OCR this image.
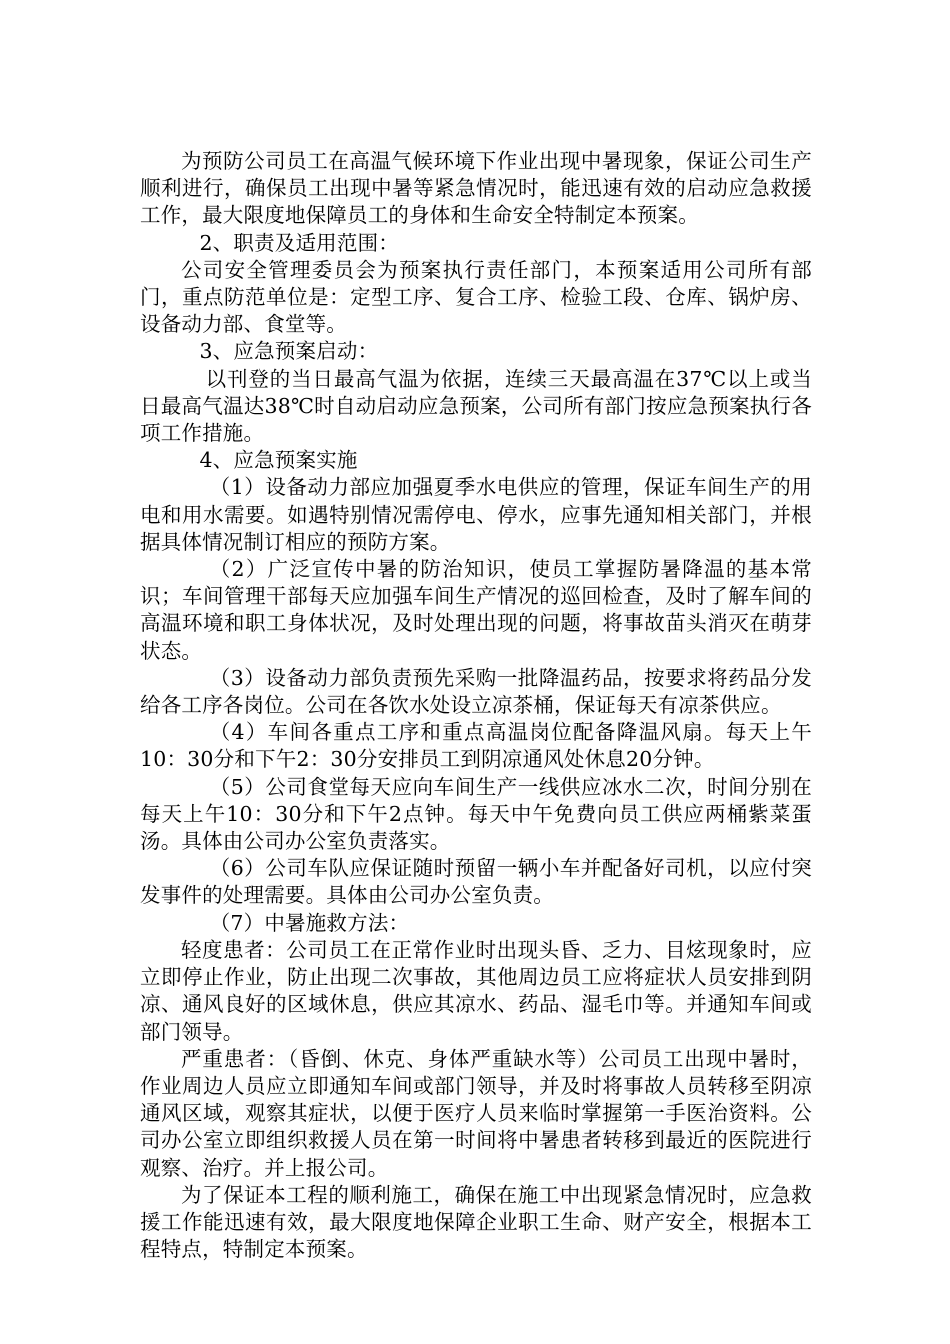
为预防公司员工在高温气候环境下作业出现中暑现象，保证公司生产顺利进行，确保员工出现中暑等紧急情况时，能迅速有效的启动应急救援工作，最大限度地保障员工的身体和生命安全特制定本预案。

2、职责及适用范围：

公司安全管理委员会为预案执行责任部门，本预案适用公司所有部门，重点防范单位是：定型工序、复合工序、检验工段、仓库、锅炉房、设备动力部、食堂等。

3、应急预案启动：

以刊登的当日最高气温为依据，连续三天最高温在37℃以上或当日最高气温达38℃时自动启动应急预案，公司所有部门按应急预案执行各项工作措施。

4、应急预案实施

（1）设备动力部应加强夏季水电供应的管理，保证车间生产的用电和用水需要。如遇特别情况需停电、停水，应事先通知相关部门，并根据具体情况制订相应的预防方案。

（2）广泛宣传中暑的防治知识，使员工掌握防暑降温的基本常识；车间管理干部每天应加强车间生产情况的巡回检查，及时了解车间的高温环境和职工身体状况，及时处理出现的问题，将事故苗头消灭在萌芽状态。

（3）设备动力部负责预先采购一批降温药品，按要求将药品分发给各工序各岗位。公司在各饮水处设立凉茶桶，保证每天有凉茶供应。

（4）车间各重点工序和重点高温岗位配备降温风扇。每天上午10：30分和下午2：30分安排员工到阴凉通风处休息20分钟。

（5）公司食堂每天应向车间生产一线供应冰水二次，时间分别在每天上午10：30分和下午2点钟。每天中午免费向员工供应两桶紫菜蛋汤。具体由公司办公室负责落实。

（6）公司车队应保证随时预留一辆小车并配备好司机，以应付突发事件的处理需要。具体由公司办公室负责。

（7）中暑施救方法：

轻度患者：公司员工在正常作业时出现头昏、乏力、目炫现象时，应立即停止作业，防止出现二次事故，其他周边员工应将症状人员安排到阴凉、通风良好的区域休息，供应其凉水、药品、湿毛巾等。并通知车间或部门领导。

严重患者：（昏倒、休克、身体严重缺水等）公司员工出现中暑时，作业周边人员应立即通知车间或部门领导，并及时将事故人员转移至阴凉通风区域，观察其症状，以便于医疗人员来临时掌握第一手医治资料。公司办公室立即组织救援人员在第一时间将中暑患者转移到最近的医院进行观察、治疗。并上报公司。

为了保证本工程的顺利施工，确保在施工中出现紧急情况时，应急救援工作能迅速有效，最大限度地保障企业职工生命、财产安全，根据本工程特点，特制定本预案。
